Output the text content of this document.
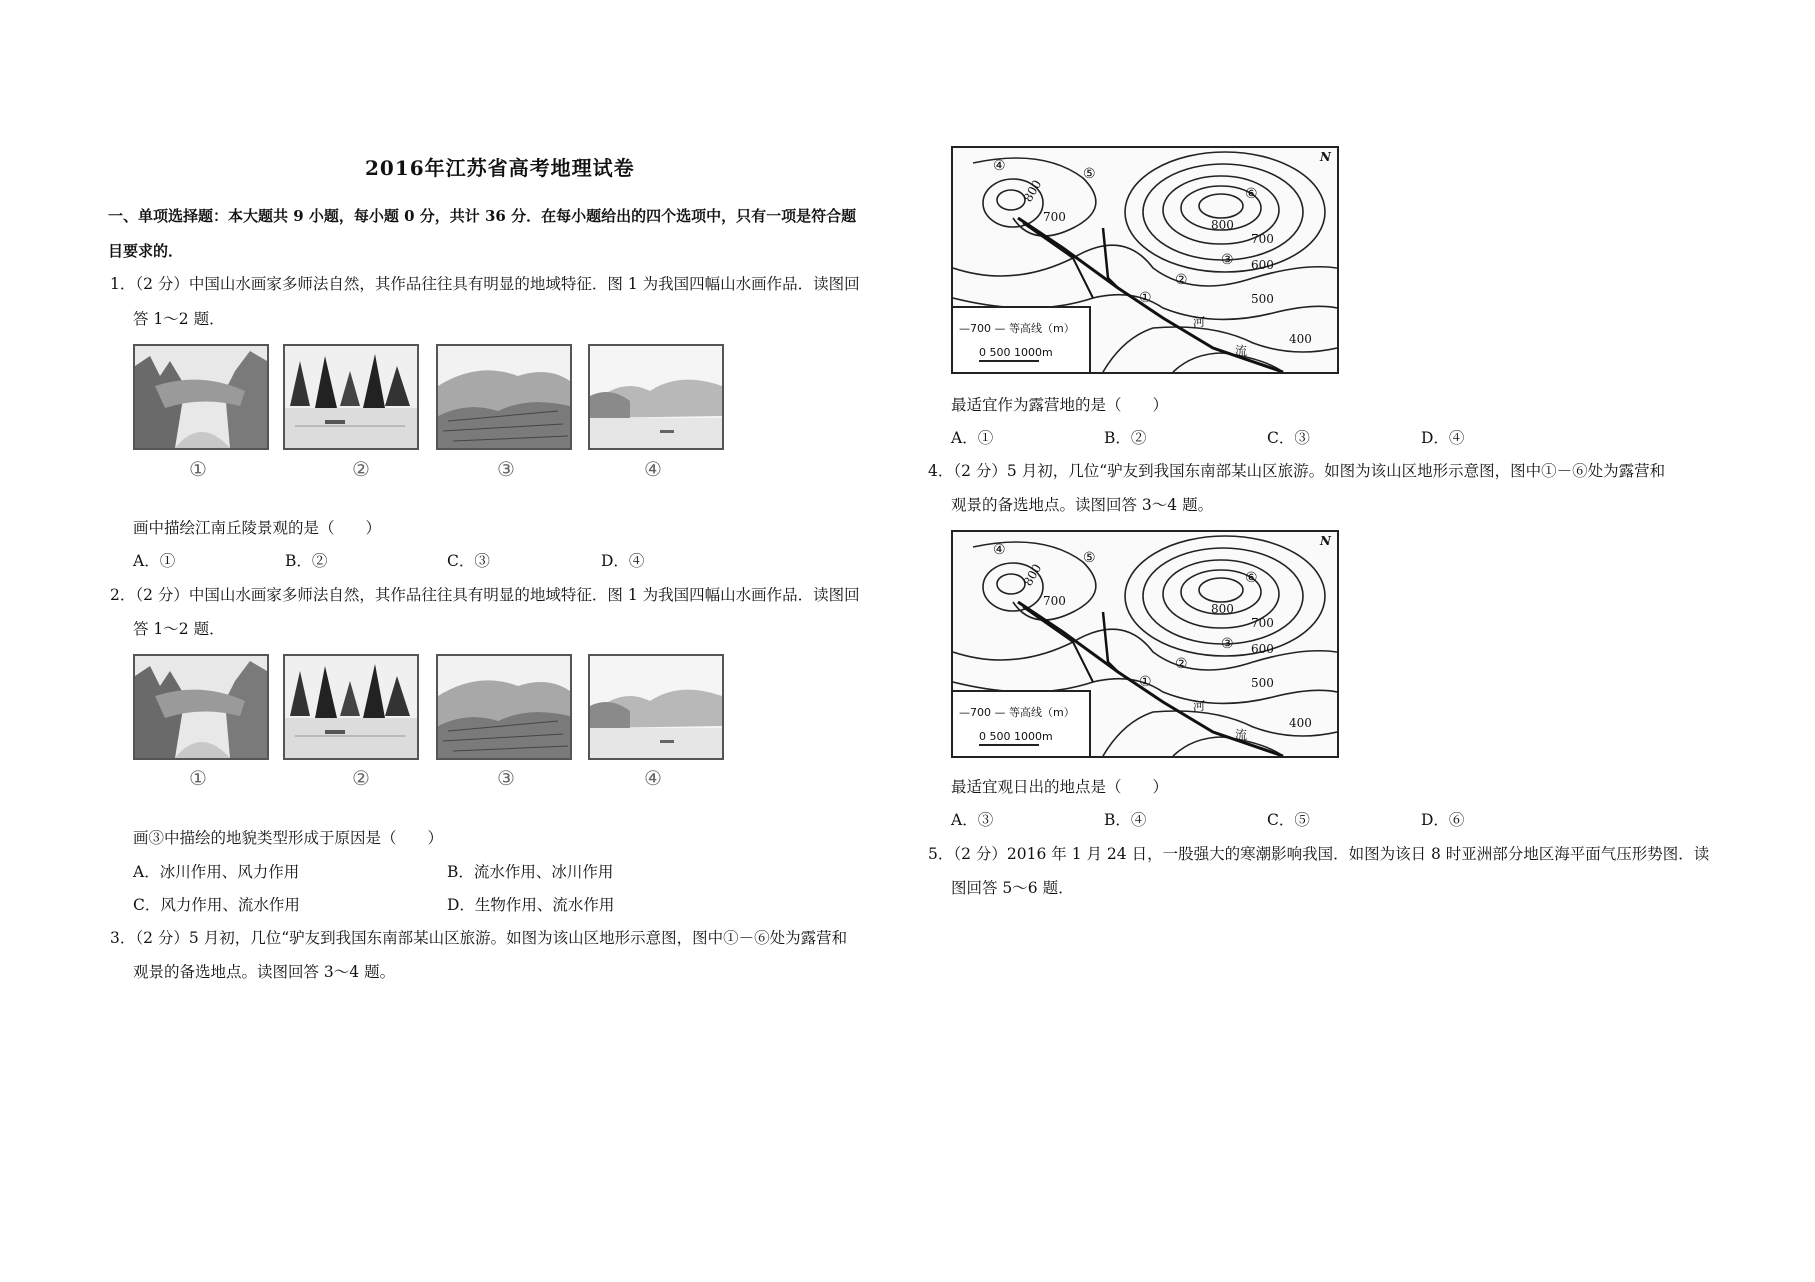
2016年江苏省高考地理试卷
一、单项选择题：本大题共 9 小题，每小题 0 分，共计 36 分．在每小题给出的四个选项中，只有一项是符合题
目要求的．
1．（2 分）中国山水画家多师法自然，其作品往往具有明显的地域特征．图 1 为我国四幅山水画作品．读图回
答 1～2 题．
①	②	③	④
画中描绘江南丘陵景观的是（　　）
A．①	B．②	C．③	D．④
2．（2 分）中国山水画家多师法自然，其作品往往具有明显的地域特征．图 1 为我国四幅山水画作品．读图回
答 1～2 题．
①	②	③	④
画③中描绘的地貌类型形成于原因是（　　）
A．冰川作用、风力作用	B．流水作用、冰川作用
C．风力作用、流水作用	D．生物作用、流水作用
3．（2 分）5 月初，几位“驴友到我国东南部某山区旅游。如图为该山区地形示意图，图中①－⑥处为露营和
观景的备选地点。读图回答 3～4 题。
④	⑤
⑥
③
②
①
800
700
800
700
600
500
400
河
流
N
—700 — 等高线（m）
0 500 1000m
最适宜作为露营地的是（　　）
A．①	B．②	C．③	D．④
4．（2 分）5 月初，几位“驴友到我国东南部某山区旅游。如图为该山区地形示意图，图中①－⑥处为露营和
观景的备选地点。读图回答 3～4 题。
④	⑤
⑥
③
②
①
800
700
800
700
600
500
400
河
流
N
—700 — 等高线（m）
0 500 1000m
最适宜观日出的地点是（　　）
A．③	B．④	C．⑤	D．⑥
5．（2 分）2016 年 1 月 24 日，一股强大的寒潮影响我国．如图为该日 8 时亚洲部分地区海平面气压形势图．读
图回答 5～6 题．
